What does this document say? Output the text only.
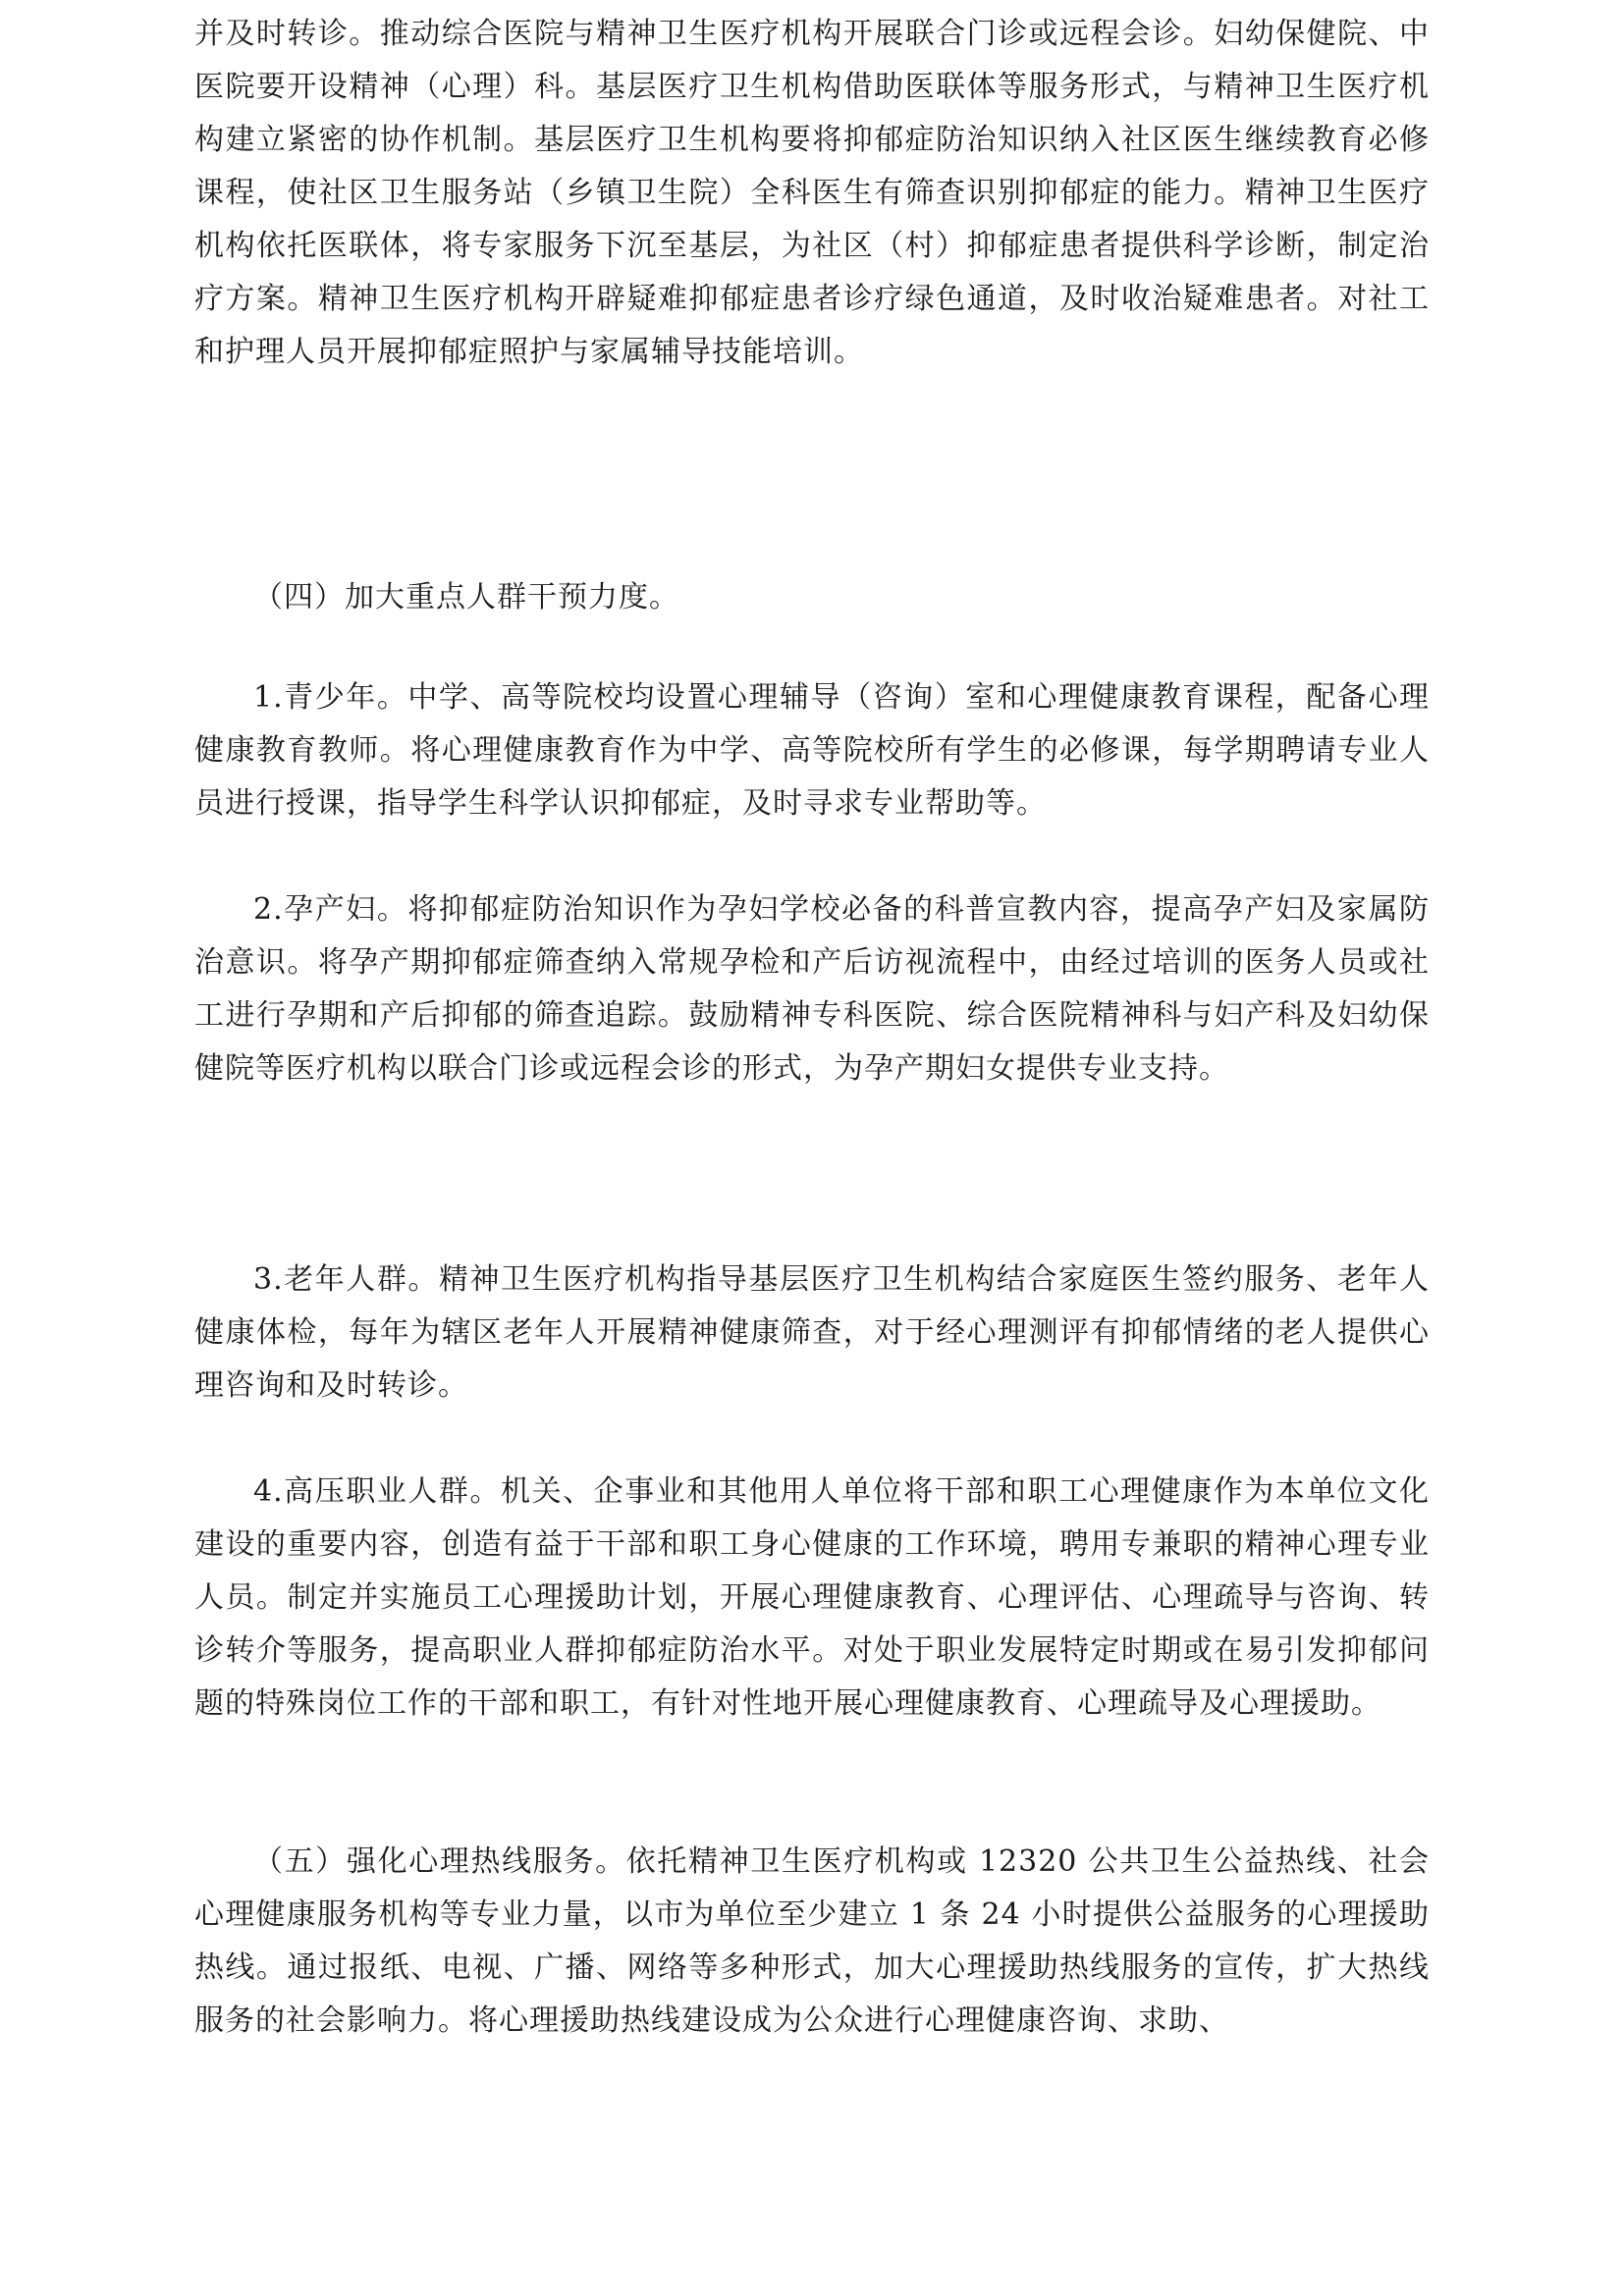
并及时转诊。推动综合医院与精神卫生医疗机构开展联合门诊或远程会诊。妇幼保健院、中医院要开设精神（心理）科。基层医疗卫生机构借助医联体等服务形式，与精神卫生医疗机构建立紧密的协作机制。基层医疗卫生机构要将抑郁症防治知识纳入社区医生继续教育必修课程，使社区卫生服务站（乡镇卫生院）全科医生有筛查识别抑郁症的能力。精神卫生医疗机构依托医联体，将专家服务下沉至基层，为社区（村）抑郁症患者提供科学诊断，制定治疗方案。精神卫生医疗机构开辟疑难抑郁症患者诊疗绿色通道，及时收治疑难患者。对社工和护理人员开展抑郁症照护与家属辅导技能培训。

（四）加大重点人群干预力度。

1.青少年。中学、高等院校均设置心理辅导（咨询）室和心理健康教育课程，配备心理健康教育教师。将心理健康教育作为中学、高等院校所有学生的必修课，每学期聘请专业人员进行授课，指导学生科学认识抑郁症，及时寻求专业帮助等。

2.孕产妇。将抑郁症防治知识作为孕妇学校必备的科普宣教内容，提高孕产妇及家属防治意识。将孕产期抑郁症筛查纳入常规孕检和产后访视流程中，由经过培训的医务人员或社工进行孕期和产后抑郁的筛查追踪。鼓励精神专科医院、综合医院精神科与妇产科及妇幼保健院等医疗机构以联合门诊或远程会诊的形式，为孕产期妇女提供专业支持。

3.老年人群。精神卫生医疗机构指导基层医疗卫生机构结合家庭医生签约服务、老年人健康体检，每年为辖区老年人开展精神健康筛查，对于经心理测评有抑郁情绪的老人提供心理咨询和及时转诊。

4.高压职业人群。机关、企事业和其他用人单位将干部和职工心理健康作为本单位文化建设的重要内容，创造有益于干部和职工身心健康的工作环境，聘用专兼职的精神心理专业人员。制定并实施员工心理援助计划，开展心理健康教育、心理评估、心理疏导与咨询、转诊转介等服务，提高职业人群抑郁症防治水平。对处于职业发展特定时期或在易引发抑郁问题的特殊岗位工作的干部和职工，有针对性地开展心理健康教育、心理疏导及心理援助。

（五）强化心理热线服务。依托精神卫生医疗机构或 12320 公共卫生公益热线、社会心理健康服务机构等专业力量，以市为单位至少建立 1 条 24 小时提供公益服务的心理援助热线。通过报纸、电视、广播、网络等多种形式，加大心理援助热线服务的宣传，扩大热线服务的社会影响力。将心理援助热线建设成为公众进行心理健康咨询、求助、
